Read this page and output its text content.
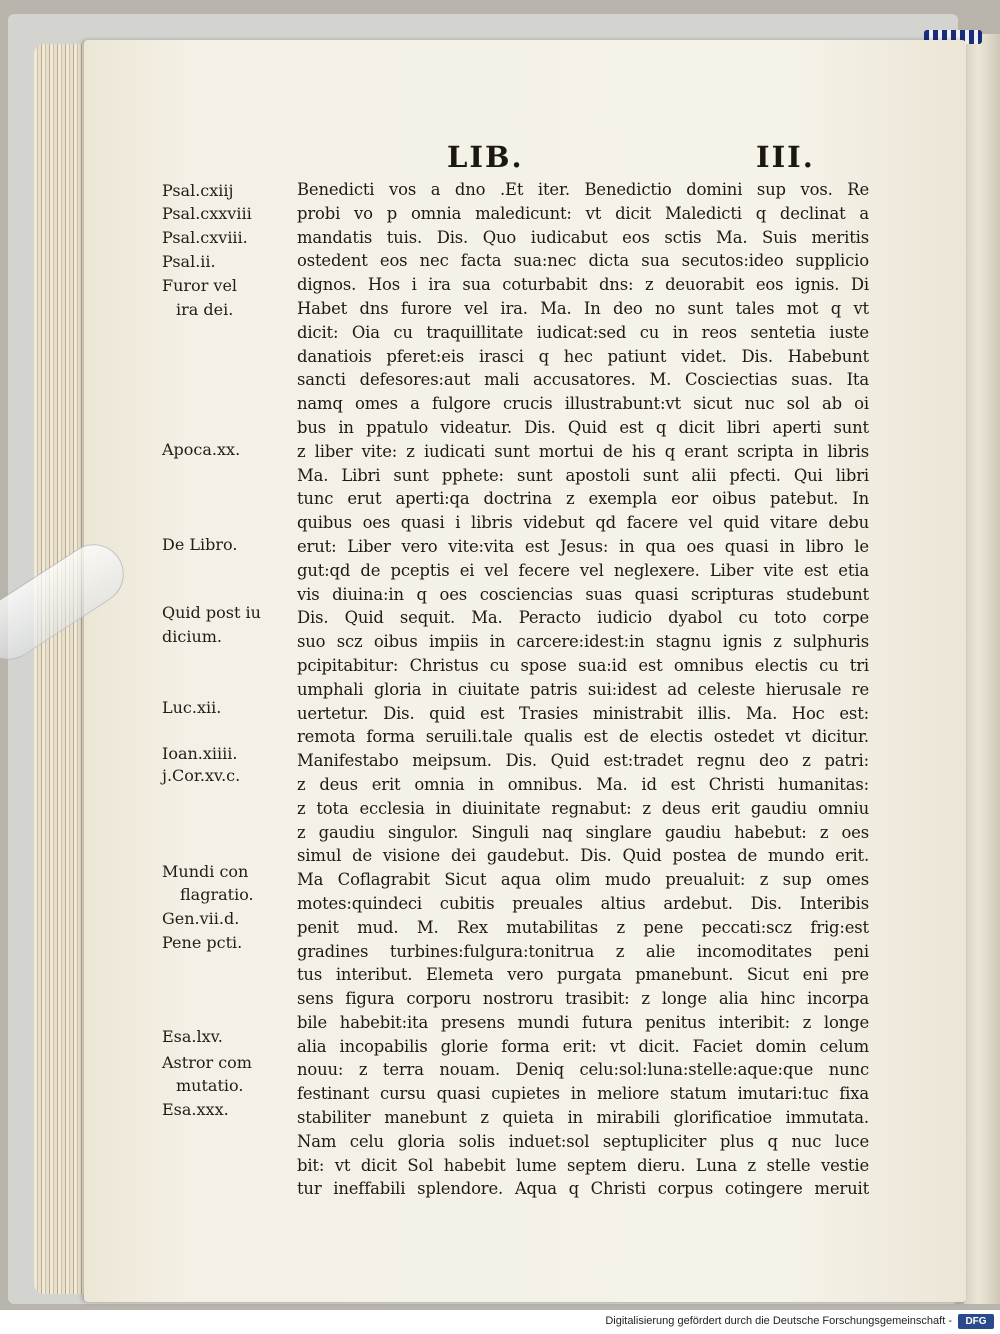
LIB.	III.
Psal.cxiij
Psal.cxxviii
Psal.cxviii.
Psal.ii.
Furor vel
ira dei.
Apoca.xx.
De Libro.
Quid post iu
dicium.
Luc.xii.
Ioan.xiiii.
j.Cor.xv.c.
Mundi con
flagratio.
Gen.vii.d.
Pene pcti.
Esa.lxv.
Astror com
mutatio.
Esa.xxx.
Benedicti vos a dno .Et iter. Benedictio domini sup vos. Re
probi vo p omnia maledicunt: vt dicit Maledicti q declinat a
mandatis tuis. Dis. Quo iudicabut eos sctis Ma. Suis meritis
ostedent eos nec facta sua:nec dicta sua secutos:ideo supplicio
dignos. Hos i ira sua coturbabit dns: z deuorabit eos ignis. Di
Habet dns furore vel ira. Ma. In deo no sunt tales mot q vt
dicit: Oia cu traquillitate iudicat:sed cu in reos sentetia iuste
danatiois pferet:eis irasci q hec patiunt videt. Dis. Habebunt
sancti defesores:aut mali accusatores. M. Cosciectias suas. Ita
namq omes a fulgore crucis illustrabunt:vt sicut nuc sol ab oi
bus in ppatulo videatur. Dis. Quid est q dicit libri aperti sunt
z liber vite: z iudicati sunt mortui de his q erant scripta in libris
Ma. Libri sunt pphete: sunt apostoli sunt alii pfecti. Qui libri
tunc erut aperti:qa doctrina z exempla eor oibus patebut. In
quibus oes quasi i libris videbut qd facere vel quid vitare debu
erut: Liber vero vite:vita est Jesus: in qua oes quasi in libro le
gut:qd de pceptis ei vel fecere vel neglexere. Liber vite est etia
vis diuina:in q oes cosciencias suas quasi scripturas studebunt
Dis. Quid sequit. Ma. Peracto iudicio dyabol cu toto corpe
suo scz oibus impiis in carcere:idest:in stagnu ignis z sulphuris
pcipitabitur: Christus cu spose sua:id est omnibus electis cu tri
umphali gloria in ciuitate patris sui:idest ad celeste hierusale re
uertetur. Dis. quid est Trasies ministrabit illis. Ma. Hoc est:
remota forma seruili.tale qualis est de electis ostedet vt dicitur.
Manifestabo meipsum. Dis. Quid est:tradet regnu deo z patri:
z deus erit omnia in omnibus. Ma. id est Christi humanitas:
z tota ecclesia in diuinitate regnabut: z deus erit gaudiu omniu
z gaudiu singulor. Singuli naq singlare gaudiu habebut: z oes
simul de visione dei gaudebut. Dis. Quid postea de mundo erit.
Ma Coflagrabit Sicut aqua olim mudo preualuit: z sup omes
motes:quindeci cubitis preuales altius ardebut. Dis. Interibis
penit mud. M. Rex mutabilitas z pene peccati:scz frig:est
gradines turbines:fulgura:tonitrua z alie incomoditates peni
tus interibut. Elemeta vero purgata pmanebunt. Sicut eni pre
sens figura corporu nostroru trasibit: z longe alia hinc incorpa
bile habebit:ita presens mundi futura penitus interibit: z longe
alia incopabilis glorie forma erit: vt dicit. Faciet domin celum
nouu: z terra nouam. Deniq celu:sol:luna:stelle:aque:que nunc
festinant cursu quasi cupietes in meliore statum imutari:tuc fixa
stabiliter manebunt z quieta in mirabili glorificatioe immutata.
Nam celu gloria solis induet:sol septupliciter plus q nuc luce
bit: vt dicit Sol habebit lume septem dieru. Luna z stelle vestie
tur ineffabili splendore. Aqua q Christi corpus cotingere meruit
Digitalisierung gefördert durch die Deutsche Forschungsgemeinschaft -	DFG
